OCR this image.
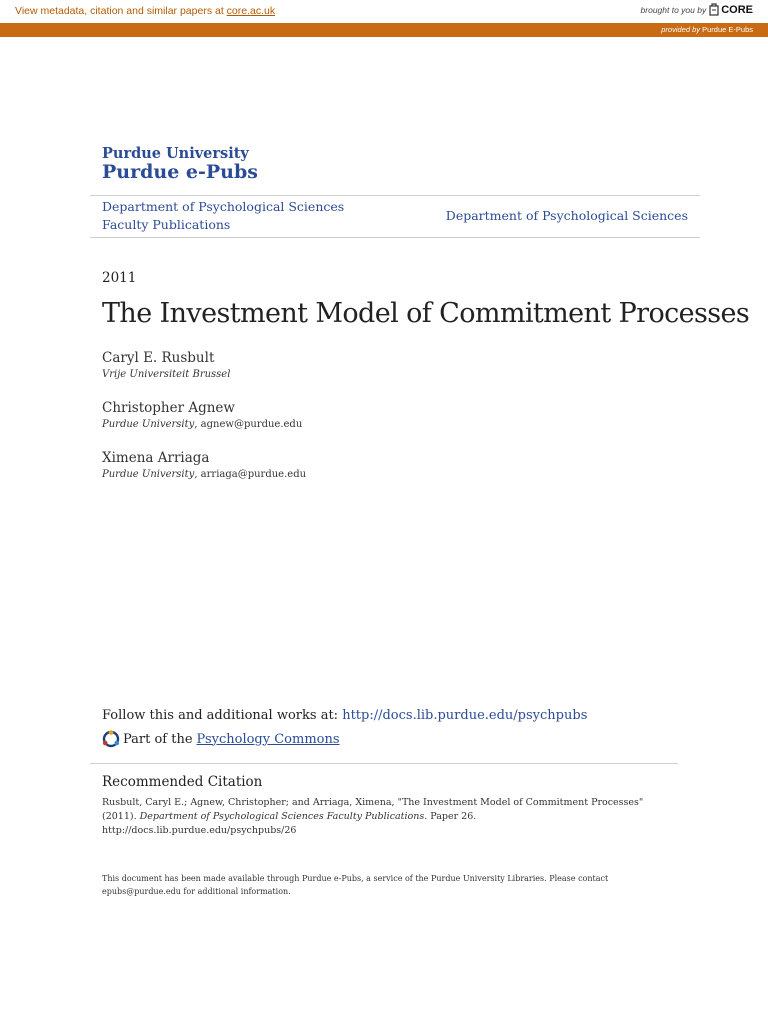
View metadata, citation and similar papers at core.ac.uk	brought to you by CORE
provided by Purdue E-Pubs
Purdue University
Purdue e-Pubs
Department of Psychological Sciences Faculty Publications
Department of Psychological Sciences
2011
The Investment Model of Commitment Processes
Caryl E. Rusbult
Vrije Universiteit Brussel
Christopher Agnew
Purdue University, agnew@purdue.edu
Ximena Arriaga
Purdue University, arriaga@purdue.edu
Follow this and additional works at: http://docs.lib.purdue.edu/psychpubs
Part of the Psychology Commons
Recommended Citation
Rusbult, Caryl E.; Agnew, Christopher; and Arriaga, Ximena, "The Investment Model of Commitment Processes" (2011). Department of Psychological Sciences Faculty Publications. Paper 26.
http://docs.lib.purdue.edu/psychpubs/26
This document has been made available through Purdue e-Pubs, a service of the Purdue University Libraries. Please contact epubs@purdue.edu for additional information.
